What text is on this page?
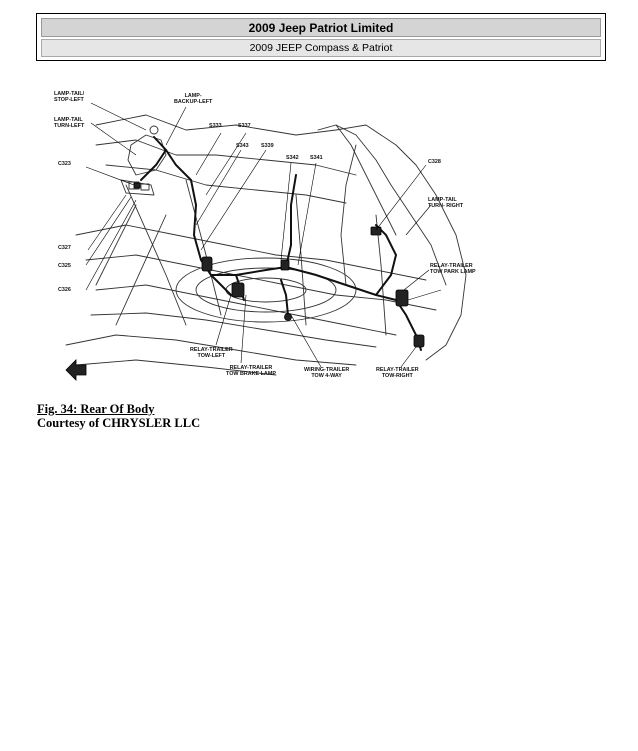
2009 Jeep Patriot Limited
2009 JEEP Compass & Patriot
LAMP-TAIL/
STOP-LEFT
LAMP-TAIL
TURN-LEFT
LAMP-
BACKUP-LEFT
S333	S337
S343 S339
S342 S341
C323	C328
LAMP-TAIL
TURN- RIGHT
C327
C325
C326
RELAY-TRAILER
TOW PARK LAMP
RELAY-TRAILER
TOW-LEFT
RELAY-TRAILER
TOW BRAKE LAMP
WIRING-TRAILER
TOW 4-WAY
RELAY-TRAILER
TOW-RIGHT
Fig. 34: Rear Of Body
Courtesy of CHRYSLER LLC
